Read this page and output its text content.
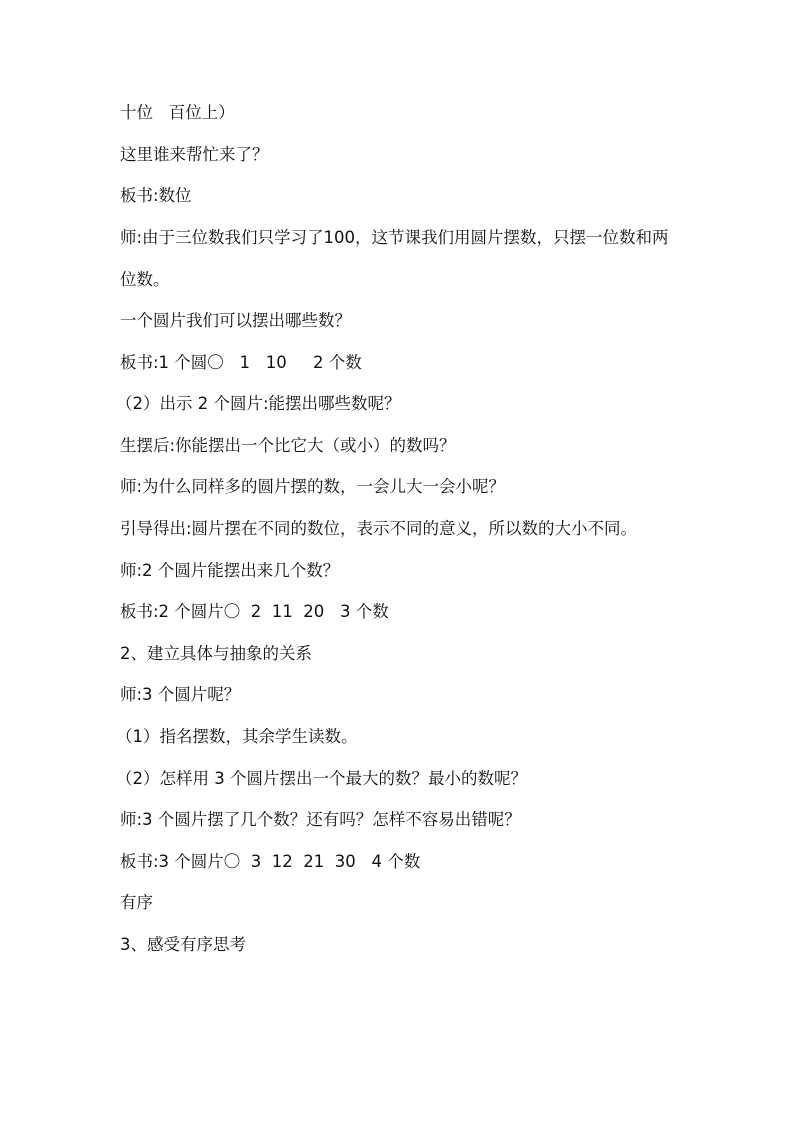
十位   百位上）
这里谁来帮忙来了？
板书:数位
师:由于三位数我们只学习了100，这节课我们用圆片摆数，只摆一位数和两位数。
一个圆片我们可以摆出哪些数？
板书:1 个圆〇   1   10     2 个数
（2）出示 2 个圆片:能摆出哪些数呢？
生摆后:你能摆出一个比它大（或小）的数吗？
师:为什么同样多的圆片摆的数，一会儿大一会小呢？
引导得出:圆片摆在不同的数位，表示不同的意义，所以数的大小不同。
师:2 个圆片能摆出来几个数？
板书:2 个圆片〇  2  11  20   3 个数
2、建立具体与抽象的关系
师:3 个圆片呢？
（1）指名摆数，其余学生读数。
（2）怎样用 3 个圆片摆出一个最大的数？最小的数呢？
师:3 个圆片摆了几个数？还有吗？怎样不容易出错呢？
板书:3 个圆片〇  3  12  21  30   4 个数
有序
3、感受有序思考
